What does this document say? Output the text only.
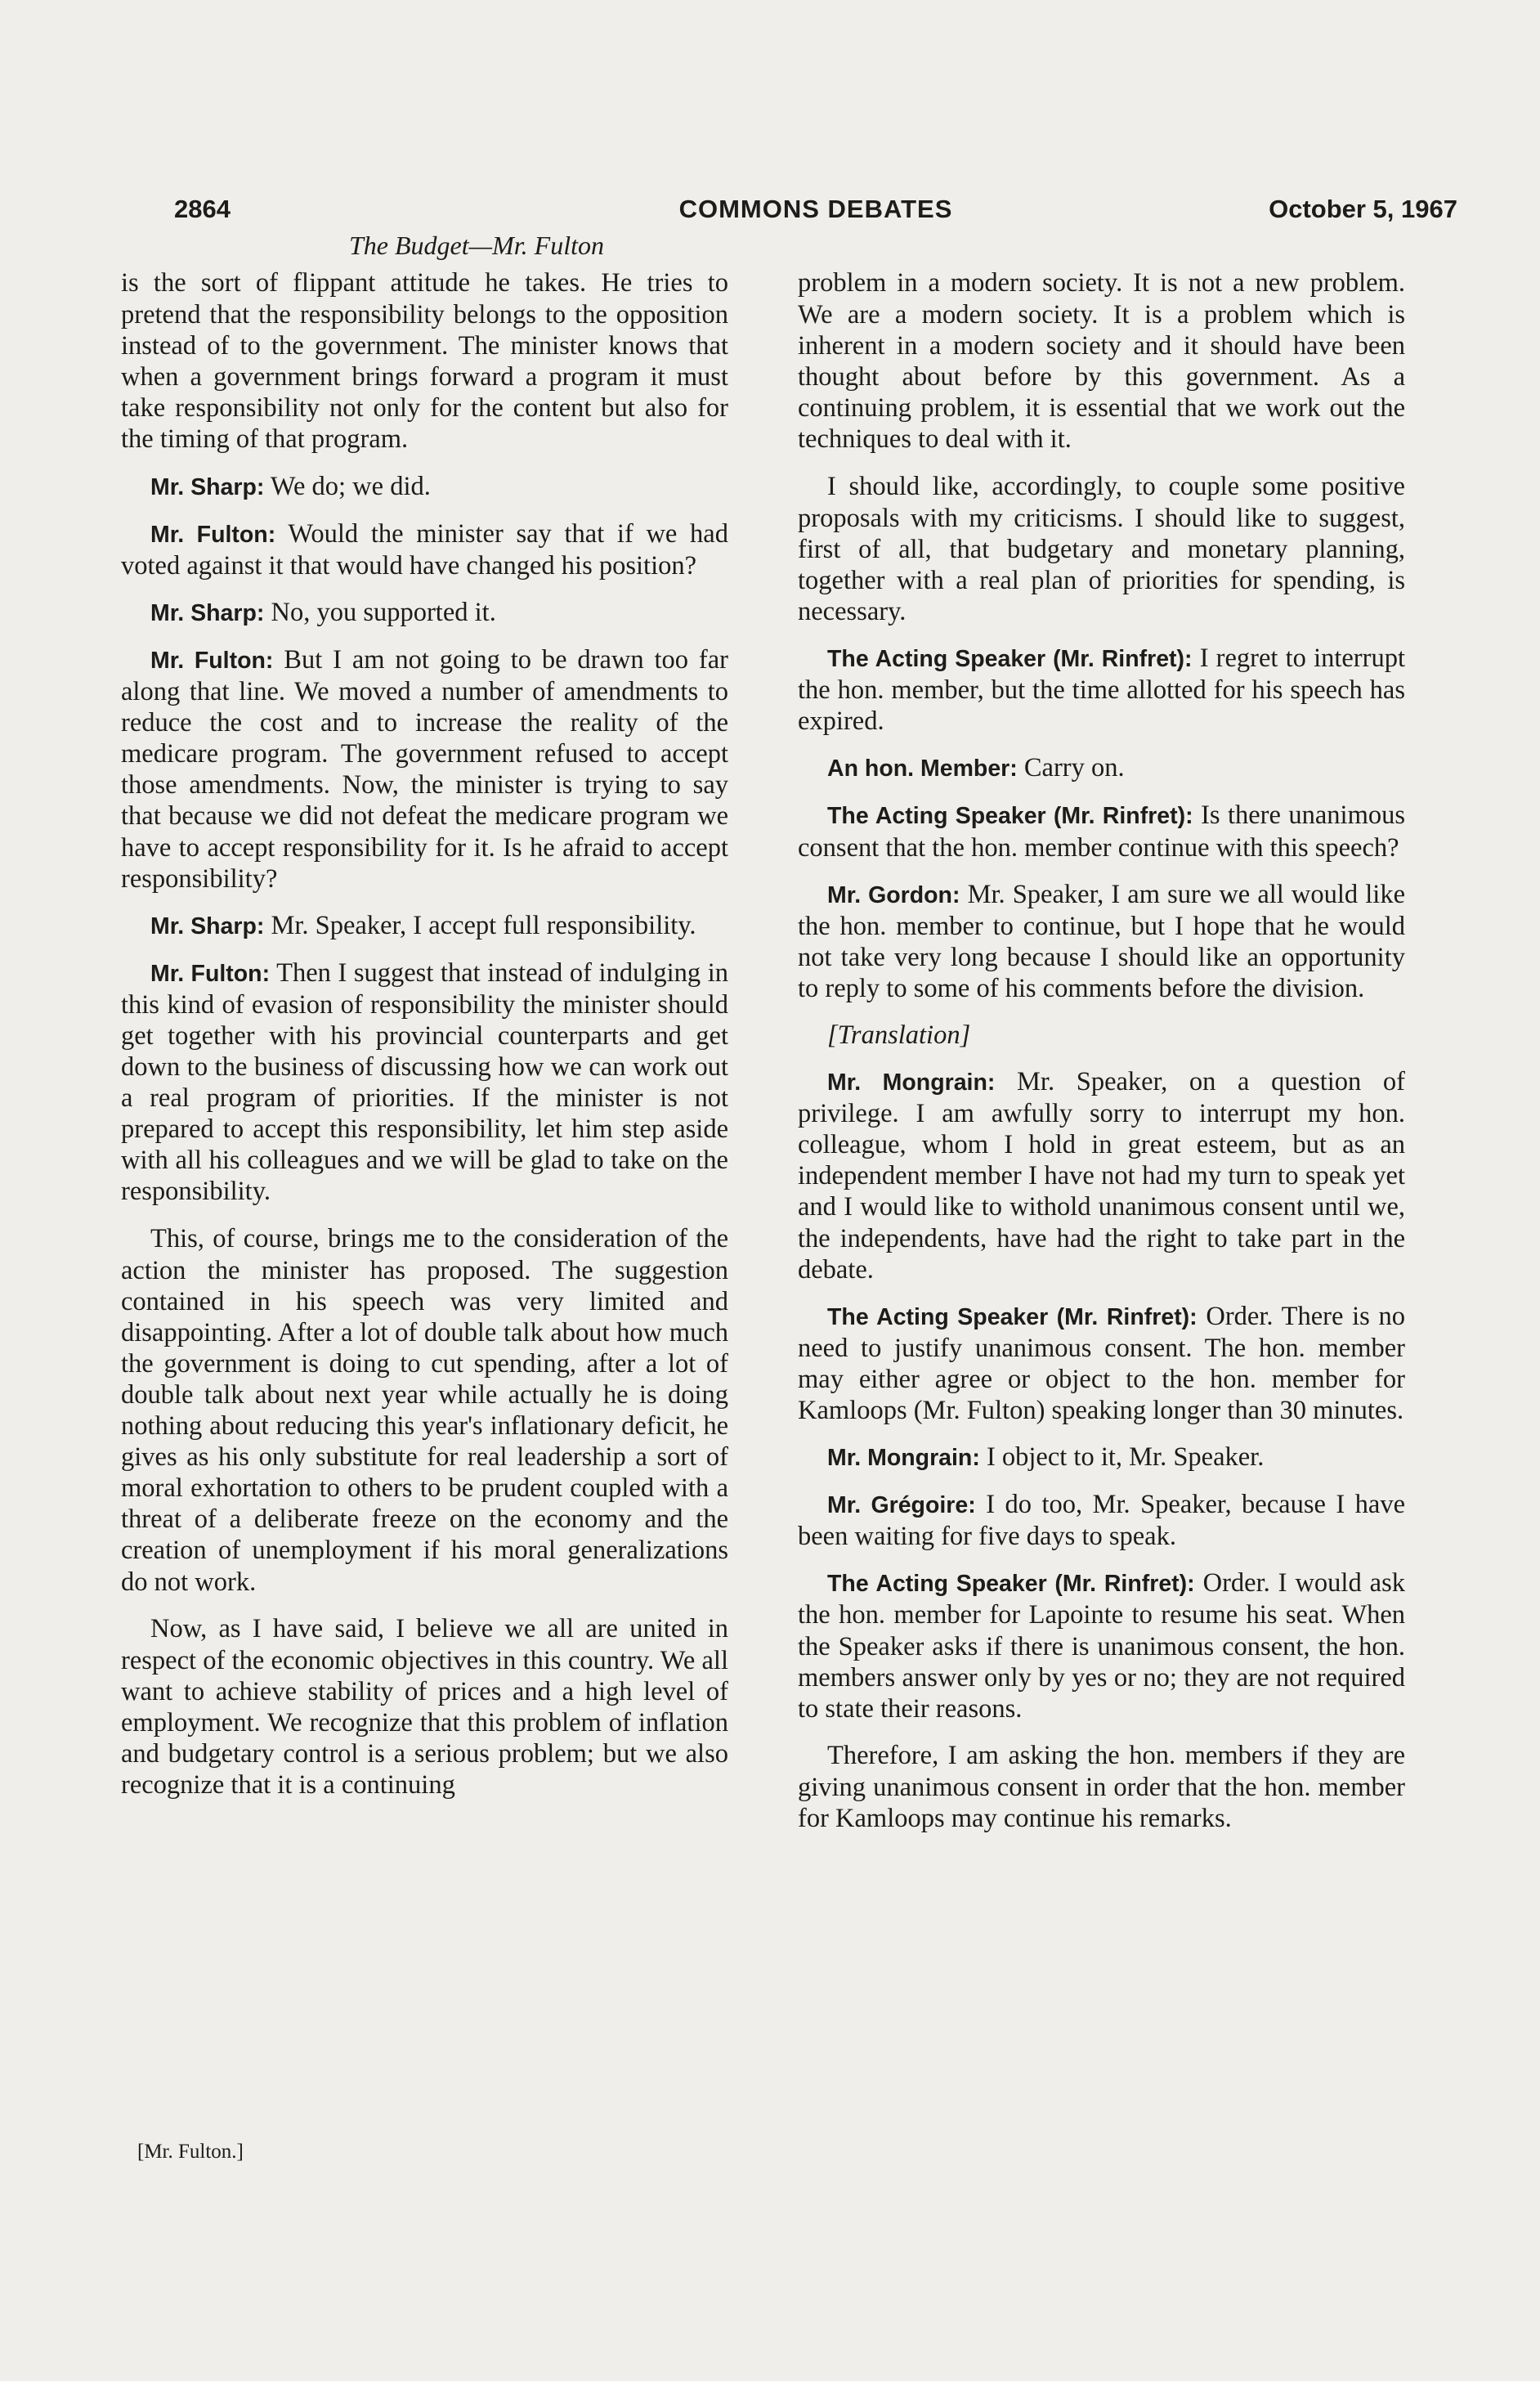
2864	COMMONS DEBATES	October 5, 1967
The Budget—Mr. Fulton

is the sort of flippant attitude he takes. He tries to pretend that the responsibility belongs to the opposition instead of to the government. The minister knows that when a government brings forward a program it must take responsibility not only for the content but also for the timing of that program.

Mr. Sharp: We do; we did.

Mr. Fulton: Would the minister say that if we had voted against it that would have changed his position?

Mr. Sharp: No, you supported it.

Mr. Fulton: But I am not going to be drawn too far along that line. We moved a number of amendments to reduce the cost and to increase the reality of the medicare program. The government refused to accept those amendments. Now, the minister is trying to say that because we did not defeat the medicare program we have to accept responsibility for it. Is he afraid to accept responsibility?

Mr. Sharp: Mr. Speaker, I accept full responsibility.

Mr. Fulton: Then I suggest that instead of indulging in this kind of evasion of responsibility the minister should get together with his provincial counterparts and get down to the business of discussing how we can work out a real program of priorities. If the minister is not prepared to accept this responsibility, let him step aside with all his colleagues and we will be glad to take on the responsibility.

This, of course, brings me to the consideration of the action the minister has proposed. The suggestion contained in his speech was very limited and disappointing. After a lot of double talk about how much the government is doing to cut spending, after a lot of double talk about next year while actually he is doing nothing about reducing this year's inflationary deficit, he gives as his only substitute for real leadership a sort of moral exhortation to others to be prudent coupled with a threat of a deliberate freeze on the economy and the creation of unemployment if his moral generalizations do not work.

Now, as I have said, I believe we all are united in respect of the economic objectives in this country. We all want to achieve stability of prices and a high level of employment. We recognize that this problem of inflation and budgetary control is a serious problem; but we also recognize that it is a continuing

problem in a modern society. It is not a new problem. We are a modern society. It is a problem which is inherent in a modern society and it should have been thought about before by this government. As a continuing problem, it is essential that we work out the techniques to deal with it.

I should like, accordingly, to couple some positive proposals with my criticisms. I should like to suggest, first of all, that budgetary and monetary planning, together with a real plan of priorities for spending, is necessary.

The Acting Speaker (Mr. Rinfret): I regret to interrupt the hon. member, but the time allotted for his speech has expired.

An hon. Member: Carry on.

The Acting Speaker (Mr. Rinfret): Is there unanimous consent that the hon. member continue with this speech?

Mr. Gordon: Mr. Speaker, I am sure we all would like the hon. member to continue, but I hope that he would not take very long because I should like an opportunity to reply to some of his comments before the division.

[Translation]

Mr. Mongrain: Mr. Speaker, on a question of privilege. I am awfully sorry to interrupt my hon. colleague, whom I hold in great esteem, but as an independent member I have not had my turn to speak yet and I would like to withold unanimous consent until we, the independents, have had the right to take part in the debate.

The Acting Speaker (Mr. Rinfret): Order. There is no need to justify unanimous consent. The hon. member may either agree or object to the hon. member for Kamloops (Mr. Fulton) speaking longer than 30 minutes.

Mr. Mongrain: I object to it, Mr. Speaker.

Mr. Grégoire: I do too, Mr. Speaker, because I have been waiting for five days to speak.

The Acting Speaker (Mr. Rinfret): Order. I would ask the hon. member for Lapointe to resume his seat. When the Speaker asks if there is unanimous consent, the hon. members answer only by yes or no; they are not required to state their reasons.

Therefore, I am asking the hon. members if they are giving unanimous consent in order that the hon. member for Kamloops may continue his remarks.

[Mr. Fulton.]
